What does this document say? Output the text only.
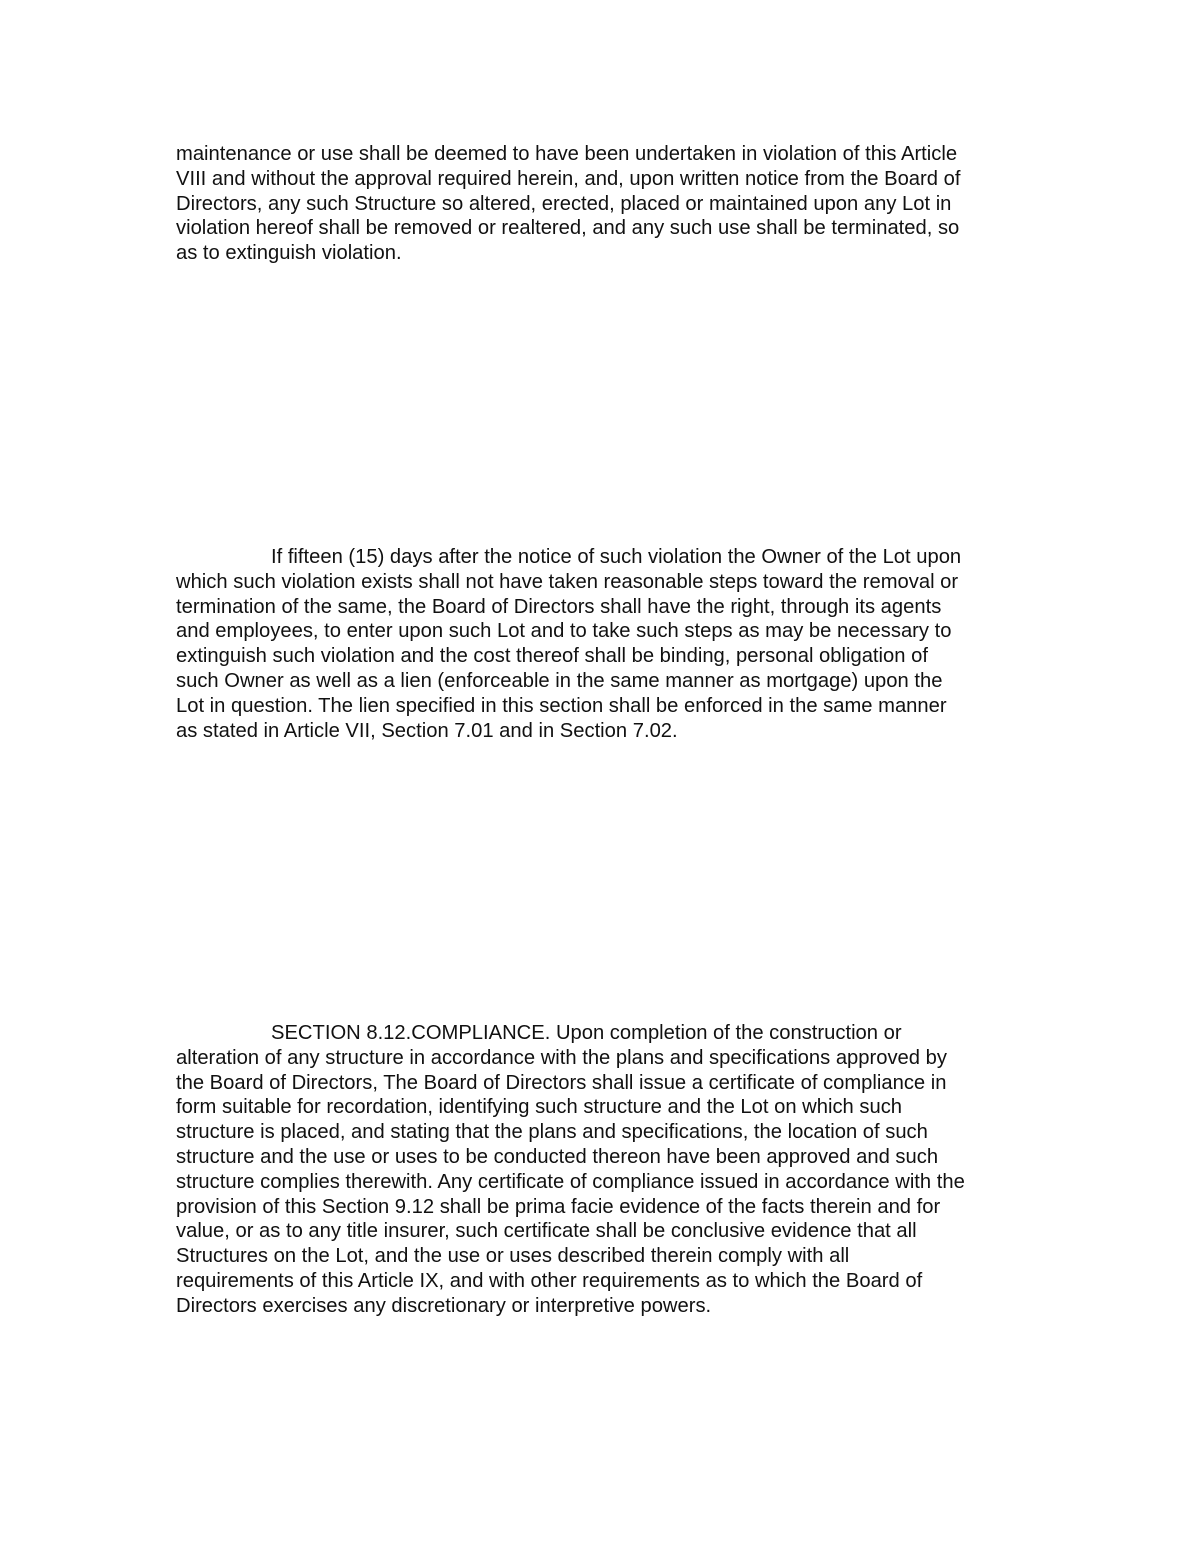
maintenance or use shall be deemed to have been undertaken in violation of this Article
VIII and without the approval required herein, and, upon written notice from the Board of
Directors, any such Structure so altered, erected, placed or maintained upon any Lot in
violation hereof shall be removed or realtered, and any such use shall be terminated, so
as to extinguish violation.

If fifteen (15) days after the notice of such violation the Owner of the Lot upon
which such violation exists shall not have taken reasonable steps toward the removal or
termination of the same, the Board of Directors shall have the right, through its agents
and employees, to enter upon such Lot and to take such steps as may be necessary to
extinguish such violation and the cost thereof shall be binding, personal obligation of
such Owner as well as a lien (enforceable in the same manner as mortgage) upon the
Lot in question. The lien specified in this section shall be enforced in the same manner
as stated in Article VII, Section 7.01 and in Section 7.02.

SECTION 8.12.COMPLIANCE. Upon completion of the construction or
alteration of any structure in accordance with the plans and specifications approved by
the Board of Directors, The Board of Directors shall issue a certificate of compliance in
form suitable for recordation, identifying such structure and the Lot on which such
structure is placed, and stating that the plans and specifications, the location of such
structure and the use or uses to be conducted thereon have been approved and such
structure complies therewith. Any certificate of compliance issued in accordance with the
provision of this Section 9.12 shall be prima facie evidence of the facts therein and for
value, or as to any title insurer, such certificate shall be conclusive evidence that all
Structures on the Lot, and the use or uses described therein comply with all
requirements of this Article IX, and with other requirements as to which the Board of
Directors exercises any discretionary or interpretive powers.
